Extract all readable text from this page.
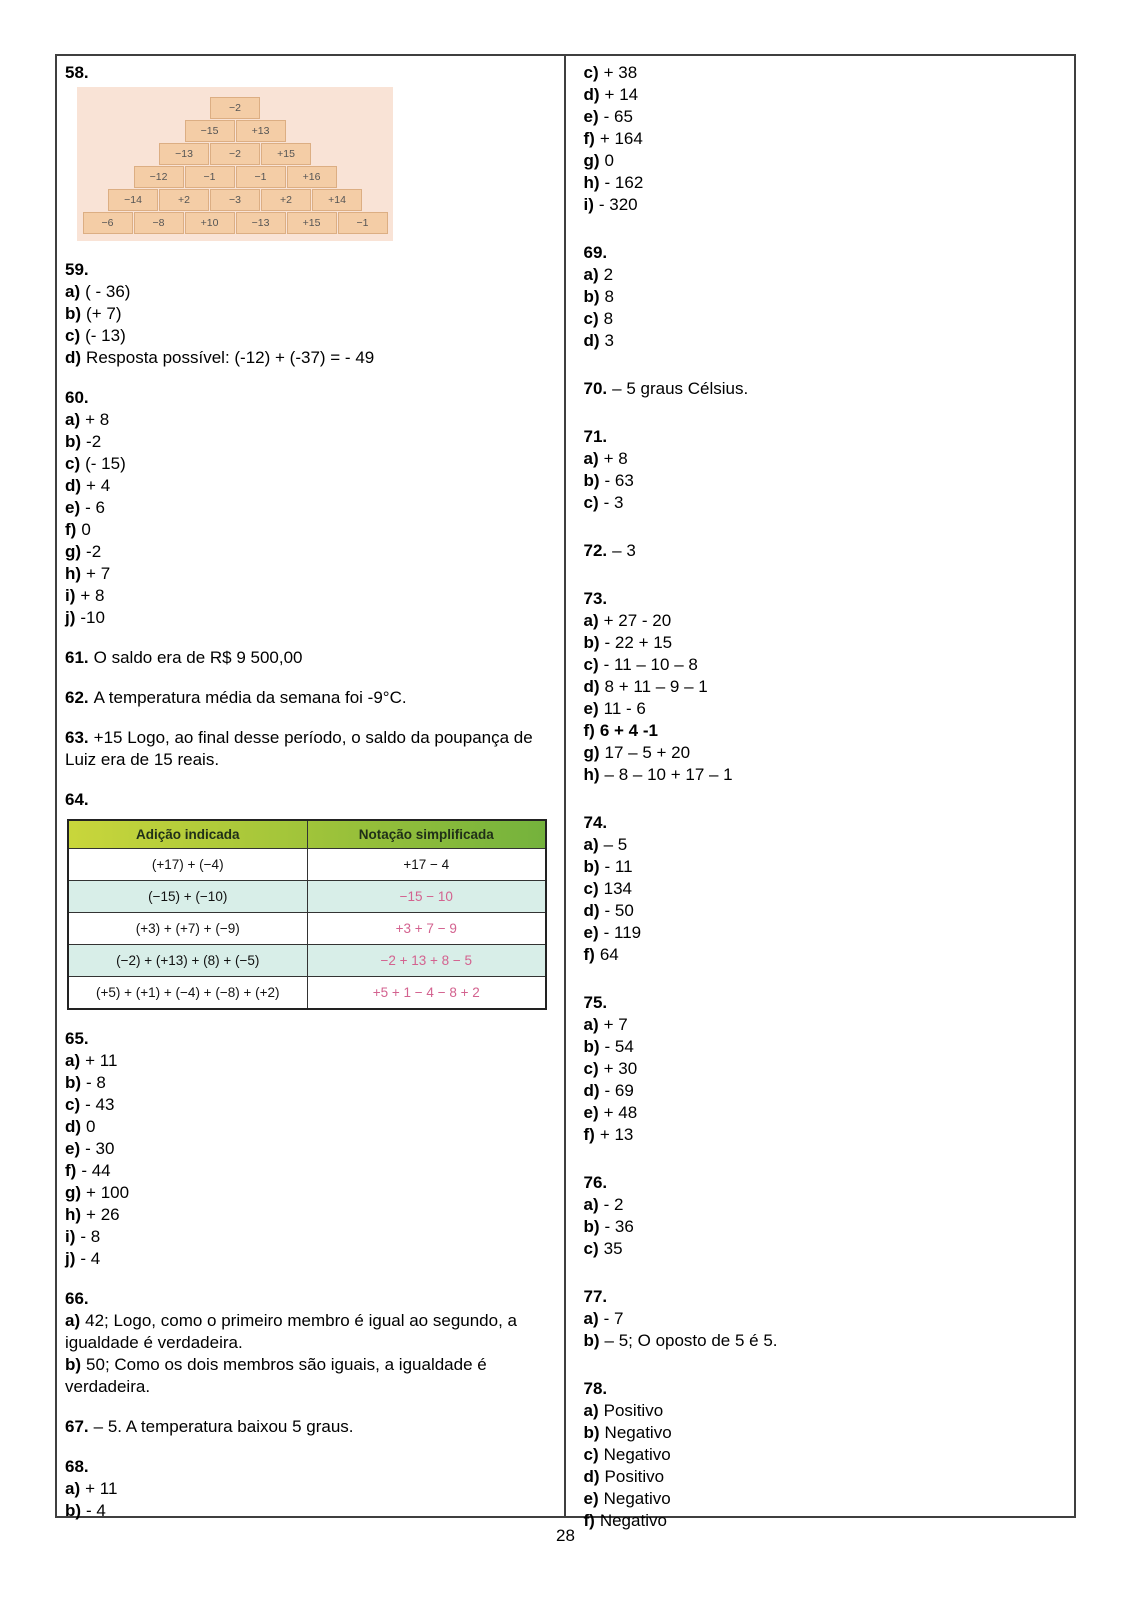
58.
−2
−15	+13
−13	−2	+15
−12	−1	−1	+16
−14	+2	−3	+2	+14
−6	−8	+10	−13	+15	−1
59.
a) ( - 36)
b) (+ 7)
c) (- 13)
d) Resposta possível: (-12) + (-37) = - 49
60.
a) + 8
b) -2
c) (- 15)
d) + 4
e) - 6
f) 0
g) -2
h) + 7
i) + 8
j) -10
61. O saldo era de R$ 9 500,00
62. A temperatura média da semana foi -9°C.
63. +15 Logo, ao final desse período, o saldo da poupança de Luiz era de 15 reais.
64.
Adição indicada	Notação simplificada
(+17) + (−4)	+17 − 4
(−15) + (−10)	−15 − 10
(+3) + (+7) + (−9)	+3 + 7 − 9
(−2) + (+13) + (8) + (−5)	−2 + 13 + 8 − 5
(+5) + (+1) + (−4) + (−8) + (+2)	+5 + 1 − 4 − 8 + 2
65.
a) + 11
b) - 8
c) - 43
d) 0
e) - 30
f) - 44
g) + 100
h) + 26
i) - 8
j) - 4
66.
a) 42; Logo, como o primeiro membro é igual ao segundo, a igualdade é verdadeira.
b) 50; Como os dois membros são iguais, a igualdade é verdadeira.
67. – 5. A temperatura baixou 5 graus.
68.
a) + 11
b) - 4
c) + 38
d) + 14
e) - 65
f) + 164
g) 0
h) - 162
i) - 320
69.
a) 2
b) 8
c) 8
d) 3
70. – 5 graus Célsius.
71.
a) + 8
b) - 63
c) - 3
72. – 3
73.
a) + 27 - 20
b) - 22 + 15
c) - 11 – 10 – 8
d) 8 + 11 – 9 – 1
e) 11 - 6
f) 6 + 4 -1
g) 17 – 5 + 20
h) – 8 – 10 + 17 – 1
74.
a) – 5
b) - 11
c) 134
d) - 50
e) - 119
f) 64
75.
a) + 7
b) - 54
c) + 30
d) - 69
e) + 48
f) + 13
76.
a) - 2
b) - 36
c) 35
77.
a) - 7
b) – 5; O oposto de 5 é 5.
78.
a) Positivo
b) Negativo
c) Negativo
d) Positivo
e) Negativo
f) Negativo
28
